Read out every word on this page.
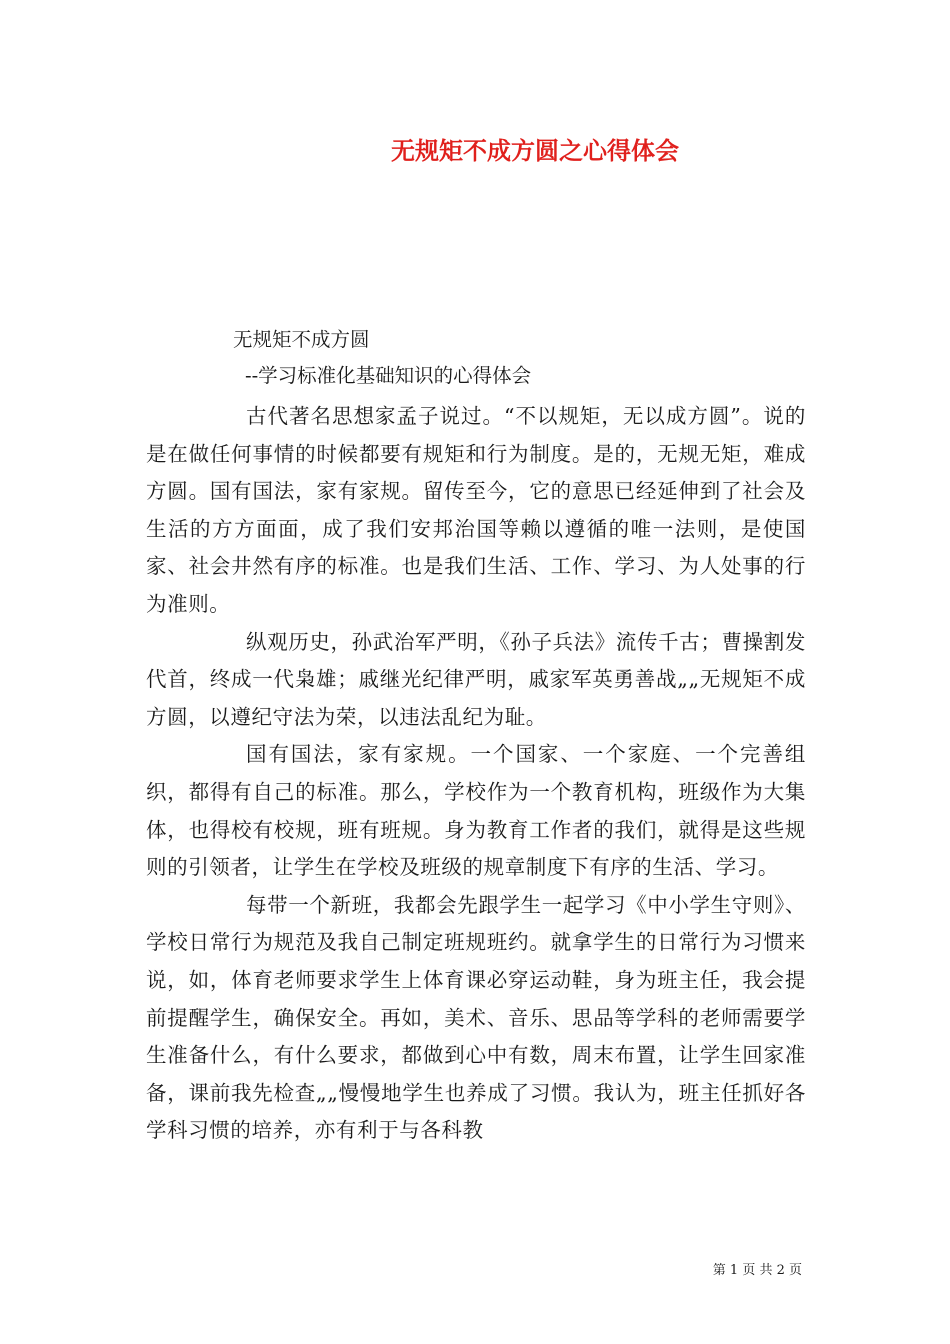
无规矩不成方圆之心得体会
无规矩不成方圆
--学习标准化基础知识的心得体会

古代著名思想家孟子说过。“不以规矩，无以成方圆”。说的是在做任何事情的时候都要有规矩和行为制度。是的，无规无矩，难成方圆。国有国法，家有家规。留传至今，它的意思已经延伸到了社会及生活的方方面面，成了我们安邦治国等赖以遵循的唯一法则，是使国家、社会井然有序的标准。也是我们生活、工作、学习、为人处事的行为准则。

纵观历史，孙武治军严明，《孙子兵法》流传千古；曹操割发代首，终成一代枭雄；戚继光纪律严明，戚家军英勇善战„„无规矩不成方圆，以遵纪守法为荣，以违法乱纪为耻。

国有国法，家有家规。一个国家、一个家庭、一个完善组织，都得有自己的标准。那么，学校作为一个教育机构，班级作为大集体，也得校有校规，班有班规。身为教育工作者的我们，就得是这些规则的引领者，让学生在学校及班级的规章制度下有序的生活、学习。

每带一个新班，我都会先跟学生一起学习《中小学生守则》、学校日常行为规范及我自己制定班规班约。就拿学生的日常行为习惯来说，如，体育老师要求学生上体育课必穿运动鞋，身为班主任，我会提前提醒学生，确保安全。再如，美术、音乐、思品等学科的老师需要学生准备什么，有什么要求，都做到心中有数，周末布置，让学生回家准备，课前我先检查„„慢慢地学生也养成了习惯。我认为，班主任抓好各学科习惯的培养，亦有利于与各科教

第 1 页 共 2 页
